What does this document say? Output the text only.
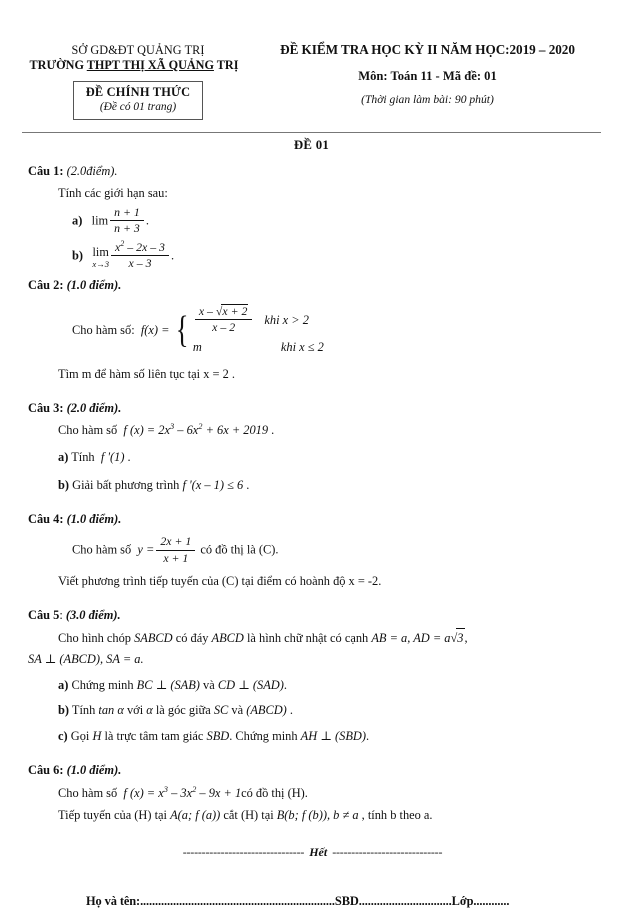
SỞ GD&ĐT QUẢNG TRỊ
TRƯỜNG THPT THỊ XÃ QUẢNG TRỊ
ĐỀ CHÍNH THỨC
(Đề có 01 trang)
ĐỀ KIỂM TRA HỌC KỲ II NĂM HỌC:2019 – 2020
Môn: Toán 11 - Mã đề: 01
(Thời gian làm bài: 90 phút)
ĐỀ 01
Câu 1: (2.0điểm).
Tính các giới hạn sau:
a) $\lim \frac{n + 1}{n + 3}$ .
b) lim
$x\to 3 \frac{x^2 - 2x - 3}{x - 3}$ .
Câu 2: (1.0 điểm).
Cho hàm số: f(x) = { $\frac{x - √x + 2}{x - 2}$ khi x > 2
m	khi x ≤ 2
Tìm m để hàm số liên tục tại x = 2 .
Câu 3: (2.0 điểm).
Cho hàm số f $(x) = 2x^3 - 6x^2 + 6x + 2019$ .
a) Tính f '(1) .
b) Giải bất phương trình f '(x – 1) ≤ 6 .
Câu 4: (1.0 điểm).
Cho hàm số $y = \frac{2x + 1}{x + 1}$ có đồ thị là (C).
Viết phương trình tiếp tuyến của (C) tại điểm có hoành độ x = -2.
Câu 5: (3.0 điểm).
Cho hình chóp SABCD có đáy ABCD là hình chữ nhật có cạnh AB = a, AD = a√3,
SA ⊥ (ABCD), SA = a.
a) Chứng minh BC ⊥ (SAB) và CD ⊥ (SAD).
b) Tính tan α với α là góc giữa SC và (ABCD) .
c) Gọi H là trực tâm tam giác SBD. Chứng minh AH ⊥ (SBD).
Câu 6: (1.0 điểm).
Cho hàm số f $(x) = x^3 - 3x^2 - 9x$ + 1có đồ thị (H).
Tiếp tuyến của (H) tại A(a; f (a)) cắt (H) tại B(b; f (b)), b ≠ a , tính b theo a.
-------------------------------- Hết -----------------------------
Họ và tên:.................................................................SBD...............................Lớp............
